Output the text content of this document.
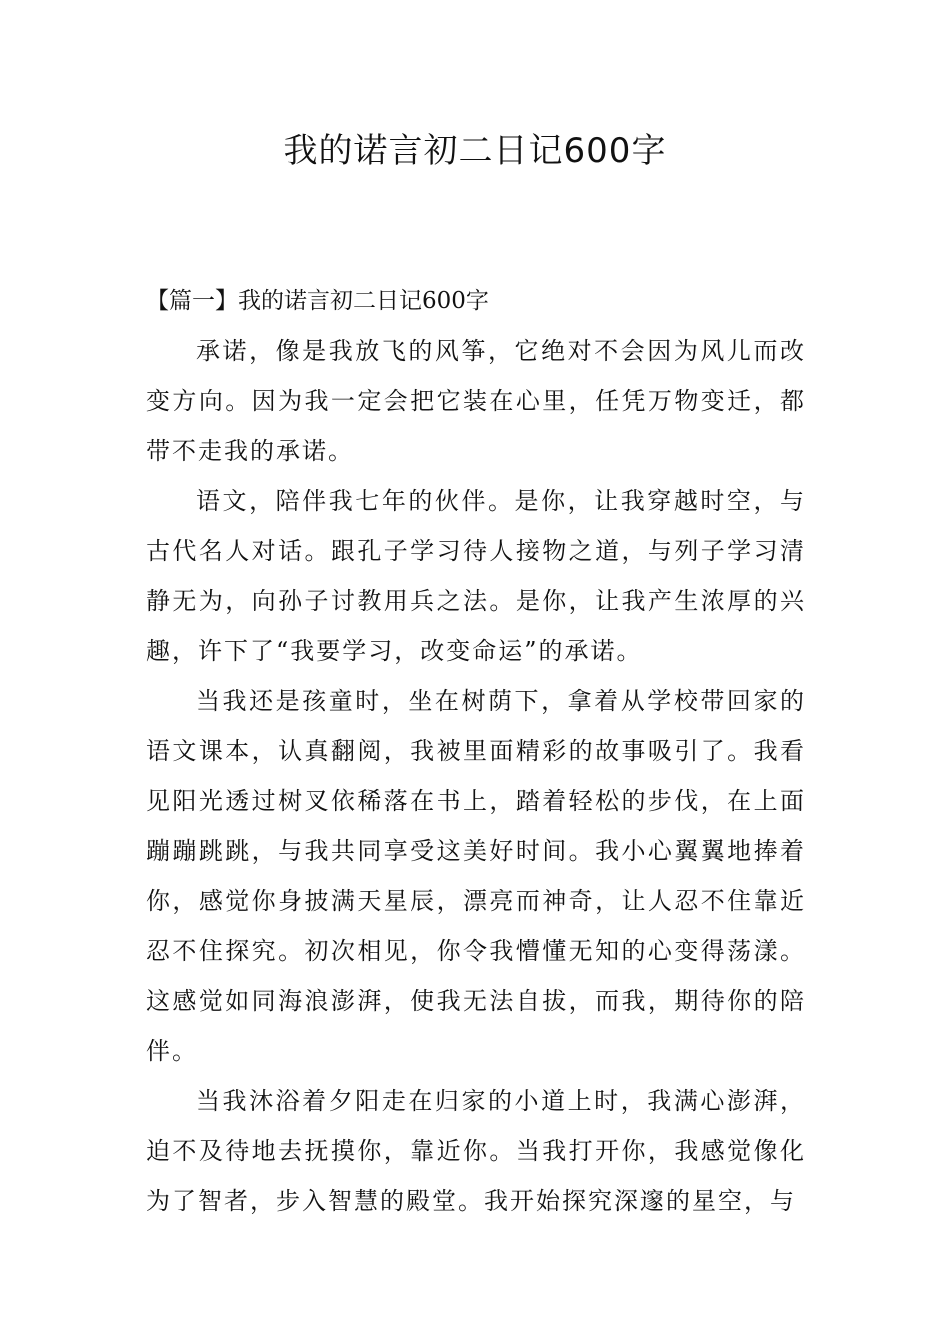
我的诺言初二日记600字

【篇一】我的诺言初二日记600字

承诺，像是我放飞的风筝，它绝对不会因为风儿而改变方向。因为我一定会把它装在心里，任凭万物变迁，都带不走我的承诺。

语文，陪伴我七年的伙伴。是你，让我穿越时空，与古代名人对话。跟孔子学习待人接物之道，与列子学习清静无为，向孙子讨教用兵之法。是你，让我产生浓厚的兴趣，许下了“我要学习，改变命运”的承诺。

当我还是孩童时，坐在树荫下，拿着从学校带回家的语文课本，认真翻阅，我被里面精彩的故事吸引了。我看见阳光透过树叉依稀落在书上，踏着轻松的步伐，在上面蹦蹦跳跳，与我共同享受这美好时间。我小心翼翼地捧着你，感觉你身披满天星辰，漂亮而神奇，让人忍不住靠近忍不住探究。初次相见，你令我懵懂无知的心变得荡漾。这感觉如同海浪澎湃，使我无法自拔，而我，期待你的陪伴。

当我沐浴着夕阳走在归家的小道上时，我满心澎湃，迫不及待地去抚摸你，靠近你。当我打开你，我感觉像化为了智者，步入智慧的殿堂。我开始探究深邃的星空，与
